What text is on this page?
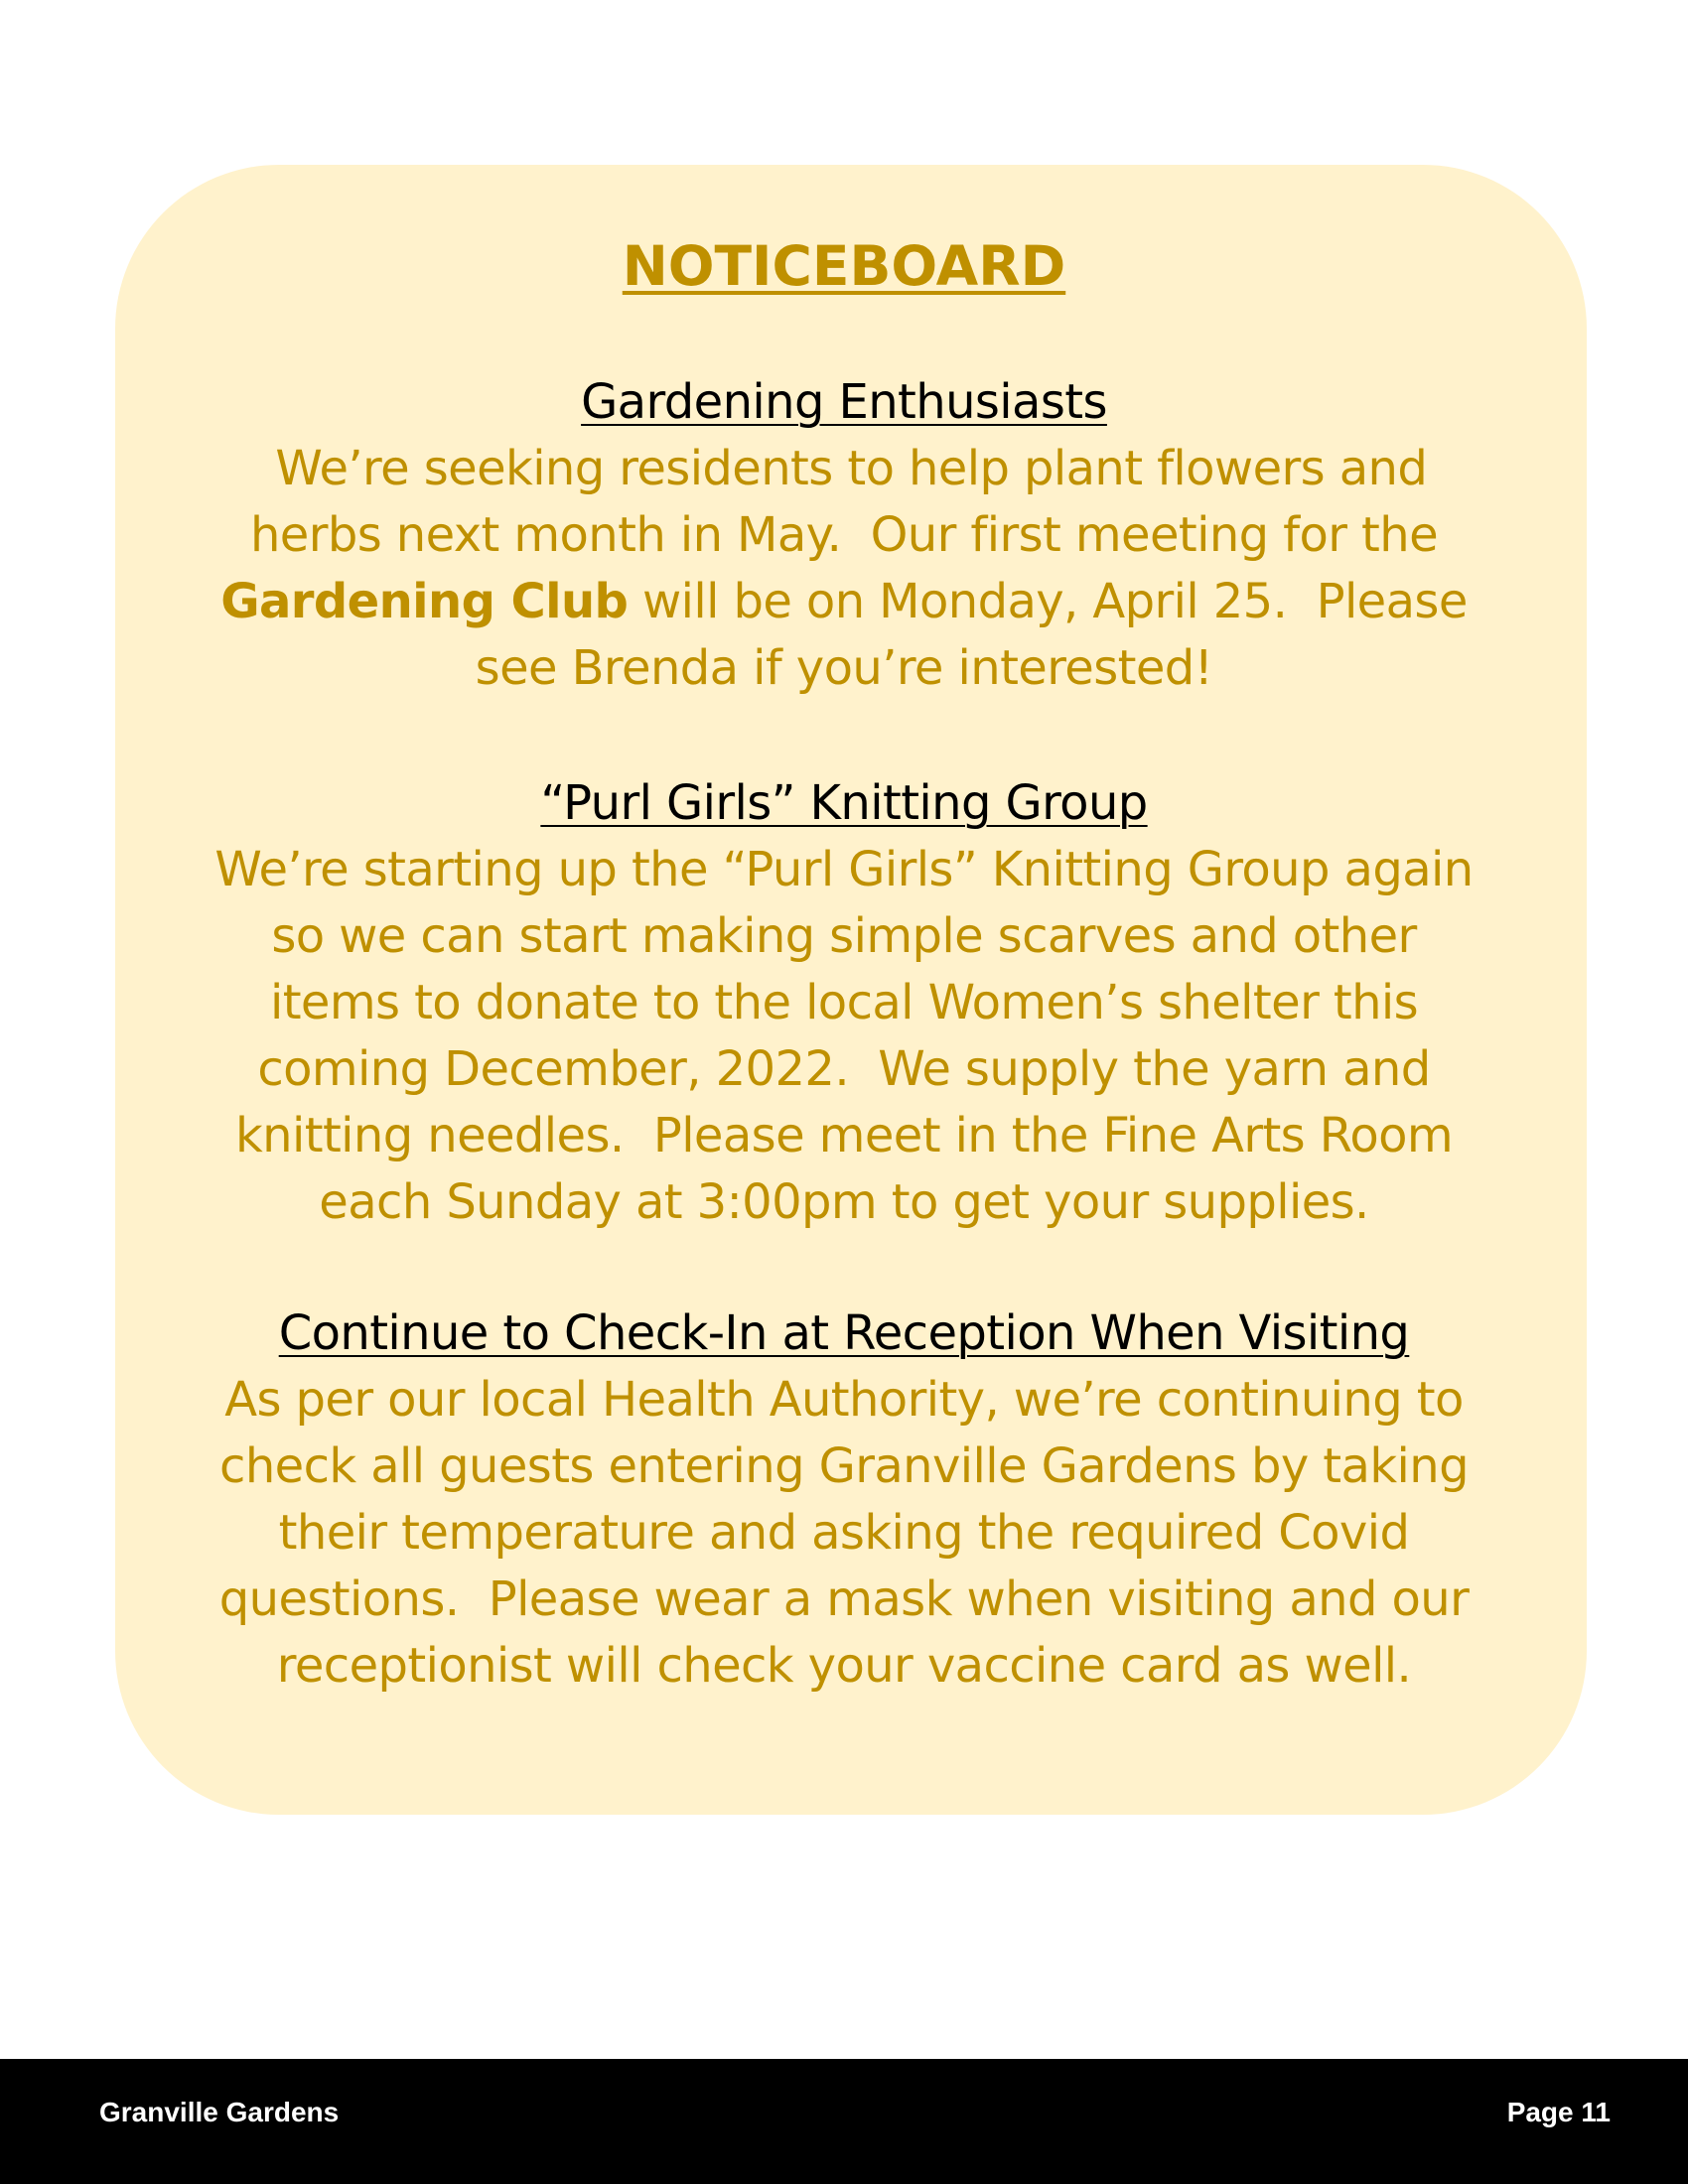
NOTICEBOARD
Gardening Enthusiasts

We’re seeking residents to help plant flowers and
herbs next month in May.  Our first meeting for the
Gardening Club will be on Monday, April 25.  Please
see Brenda if you’re interested!

“Purl Girls” Knitting Group

We’re starting up the “Purl Girls” Knitting Group again
so we can start making simple scarves and other
items to donate to the local Women’s shelter this
coming December, 2022.  We supply the yarn and
knitting needles.  Please meet in the Fine Arts Room
each Sunday at 3:00pm to get your supplies.

Continue to Check-In at Reception When Visiting

As per our local Health Authority, we’re continuing to
check all guests entering Granville Gardens by taking
their temperature and asking the required Covid
questions.  Please wear a mask when visiting and our
receptionist will check your vaccine card as well.

Granville Gardens	Page 11
